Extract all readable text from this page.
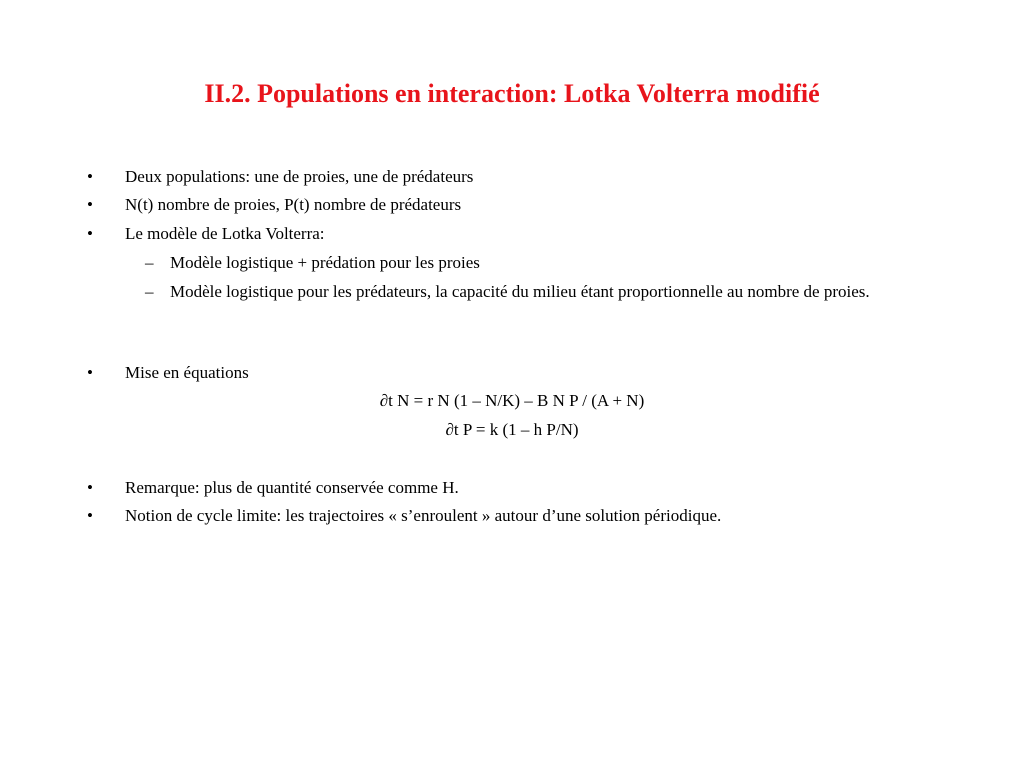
II.2. Populations en interaction: Lotka Volterra modifié
• Deux populations: une de proies, une de prédateurs
• N(t) nombre de proies, P(t) nombre de prédateurs
• Le modèle de Lotka Volterra:
– Modèle logistique + prédation pour les proies
– Modèle logistique pour les prédateurs, la capacité du milieu étant proportionnelle au nombre de proies.
• Mise en équations
∂t N = r N (1 – N/K) – B N P / (A + N)
∂t P = k (1 – h P/N)
• Remarque: plus de quantité conservée comme H.
• Notion de cycle limite: les trajectoires « s’enroulent » autour d’une solution périodique.
